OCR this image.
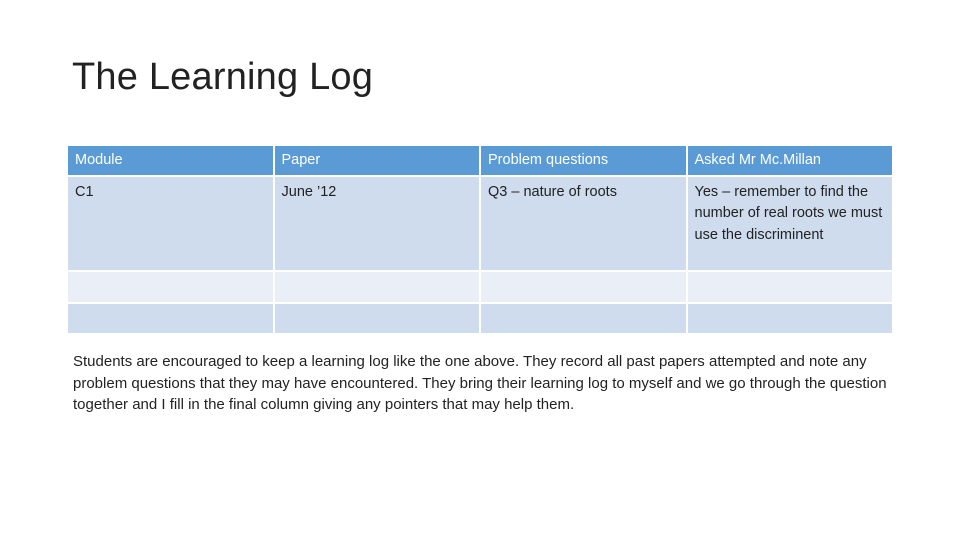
The Learning Log
Module	Paper	Problem questions	Asked Mr Mc.Millan
C1	June ’12	Q3 – nature of roots	Yes – remember to find the number of real roots we must use the discriminent

Students are encouraged to keep a learning log like the one above. They record all past papers attempted and note any problem questions that they may have encountered. They bring their learning log to myself and we go through the question together and I fill in the final column giving any pointers that may help them.
